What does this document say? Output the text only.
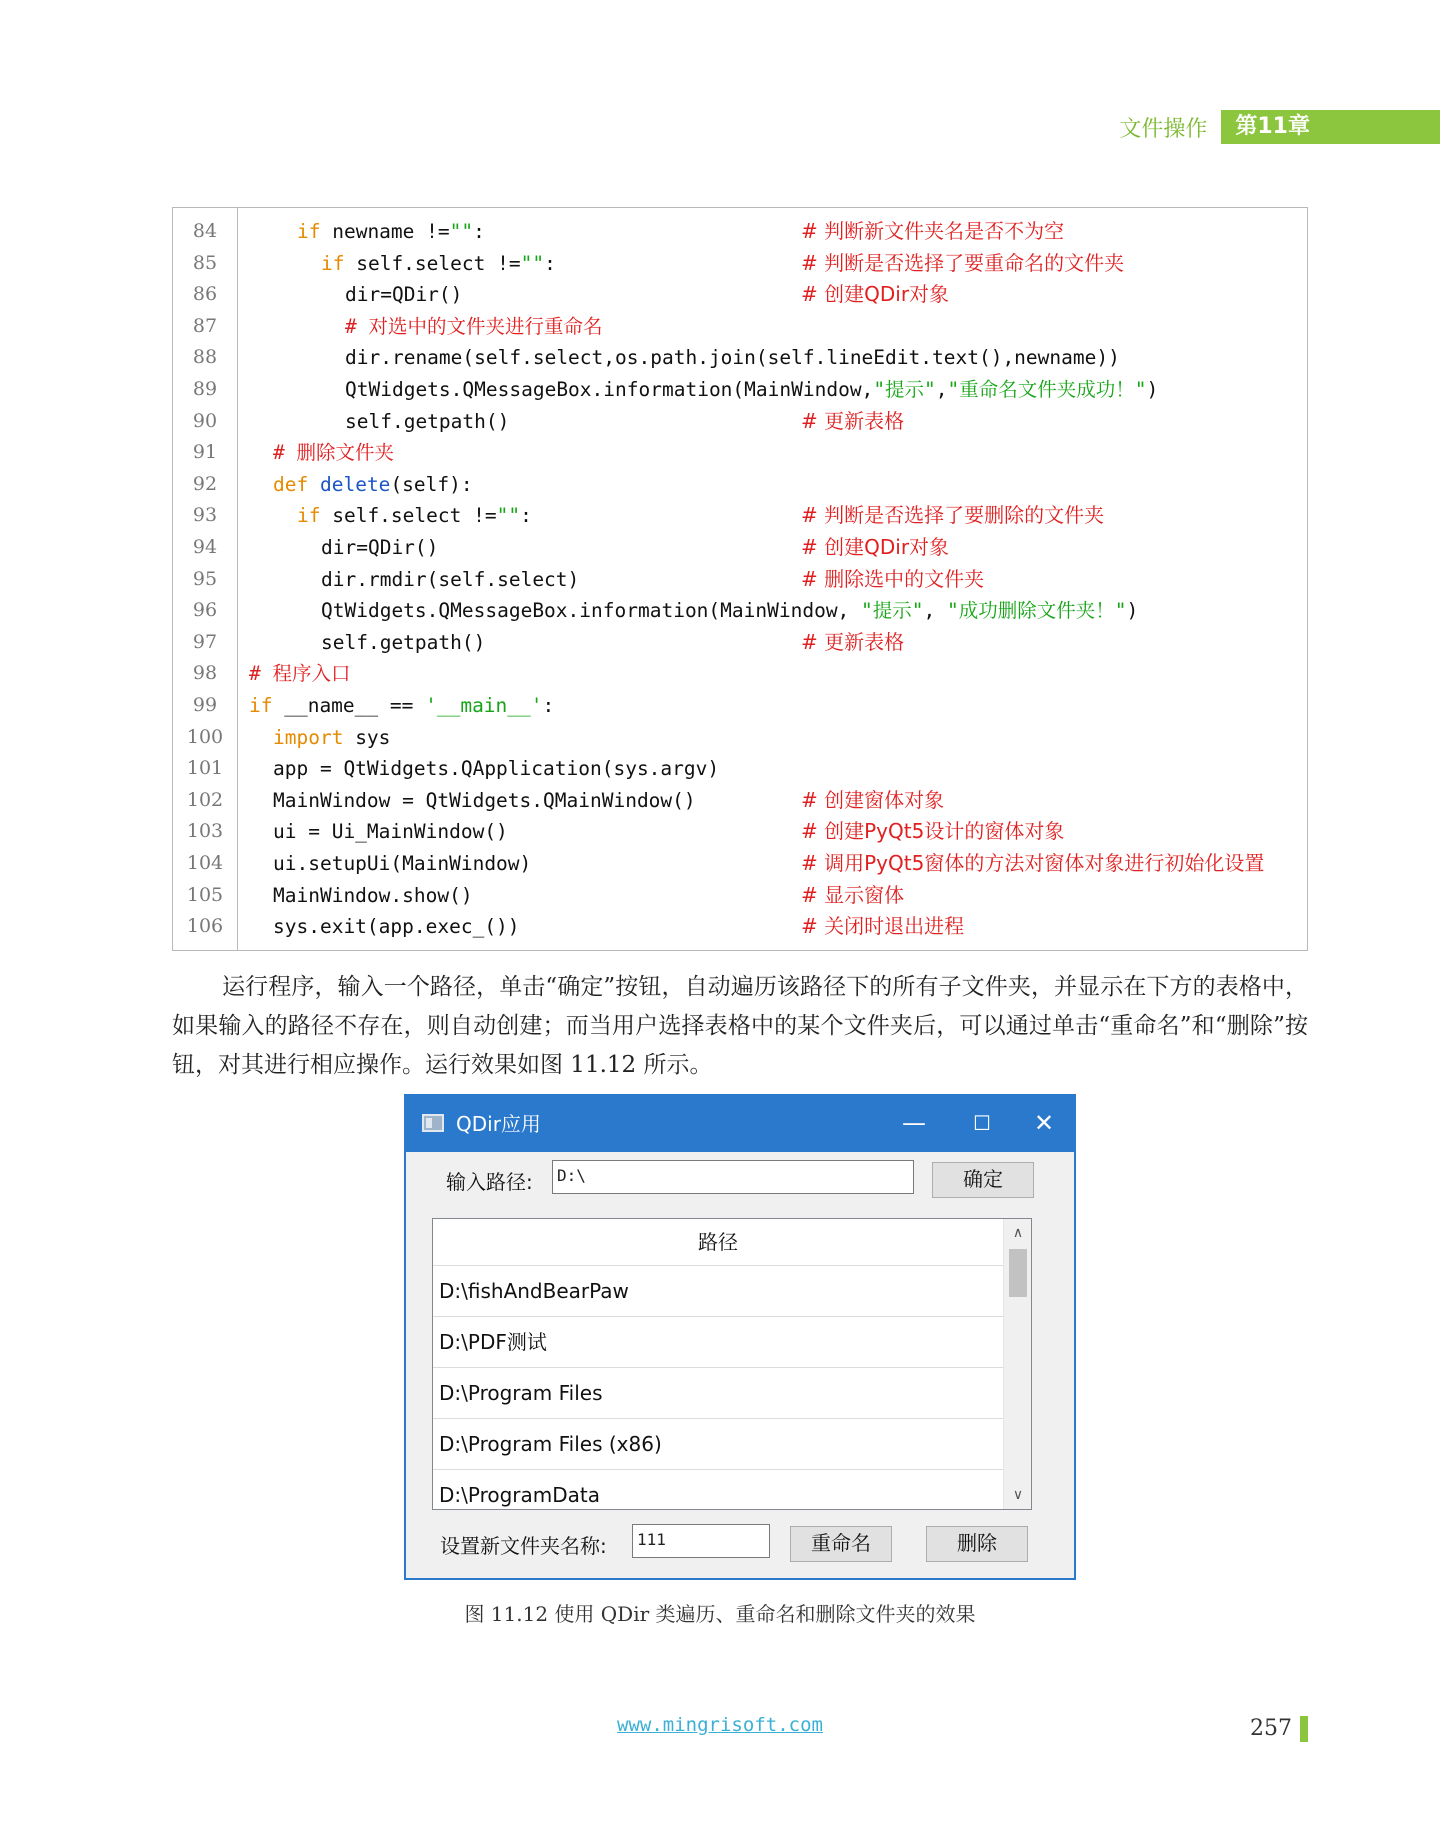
文件操作	第11章
84	if newname !="":	# 判断新文件夹名是否不为空
85	if self.select !="":	# 判断是否选择了要重命名的文件夹
86	dir=QDir()	# 创建QDir对象
87	# 对选中的文件夹进行重命名
88	dir.rename(self.select,os.path.join(self.lineEdit.text(),newname))
89	QtWidgets.QMessageBox.information(MainWindow,"提示","重命名文件夹成功！")
90	self.getpath()	# 更新表格
91	# 删除文件夹
92	def delete(self):
93	if self.select !="":	# 判断是否选择了要删除的文件夹
94	dir=QDir()	# 创建QDir对象
95	dir.rmdir(self.select)	# 删除选中的文件夹
96	QtWidgets.QMessageBox.information(MainWindow, "提示", "成功删除文件夹！")
97	self.getpath()	# 更新表格
98	# 程序入口
99	if __name__ == '__main__':
100	import sys
101	app = QtWidgets.QApplication(sys.argv)
102	MainWindow = QtWidgets.QMainWindow()	# 创建窗体对象
103	ui = Ui_MainWindow()	# 创建PyQt5设计的窗体对象
104	ui.setupUi(MainWindow)	# 调用PyQt5窗体的方法对窗体对象进行初始化设置
105	MainWindow.show()	# 显示窗体
106	sys.exit(app.exec_())	# 关闭时退出进程
运行程序，输入一个路径，单击“确定”按钮，自动遍历该路径下的所有子文件夹，并显示在下方的表格中，如果输入的路径不存在，则自动创建；而当用户选择表格中的某个文件夹后，可以通过单击“重命名”和“删除”按钮，对其进行相应操作。运行效果如图 11.12 所示。
QDir应用	—	☐	✕
输入路径:	D:\	确定
路径
D:\fishAndBearPaw
D:\PDF测试
D:\Program Files
D:\Program Files (x86)
D:\ProgramData
∧
∨
设置新文件夹名称:	111	重命名	删除
图 11.12 使用 QDir 类遍历、重命名和删除文件夹的效果
www.mingrisoft.com	257
